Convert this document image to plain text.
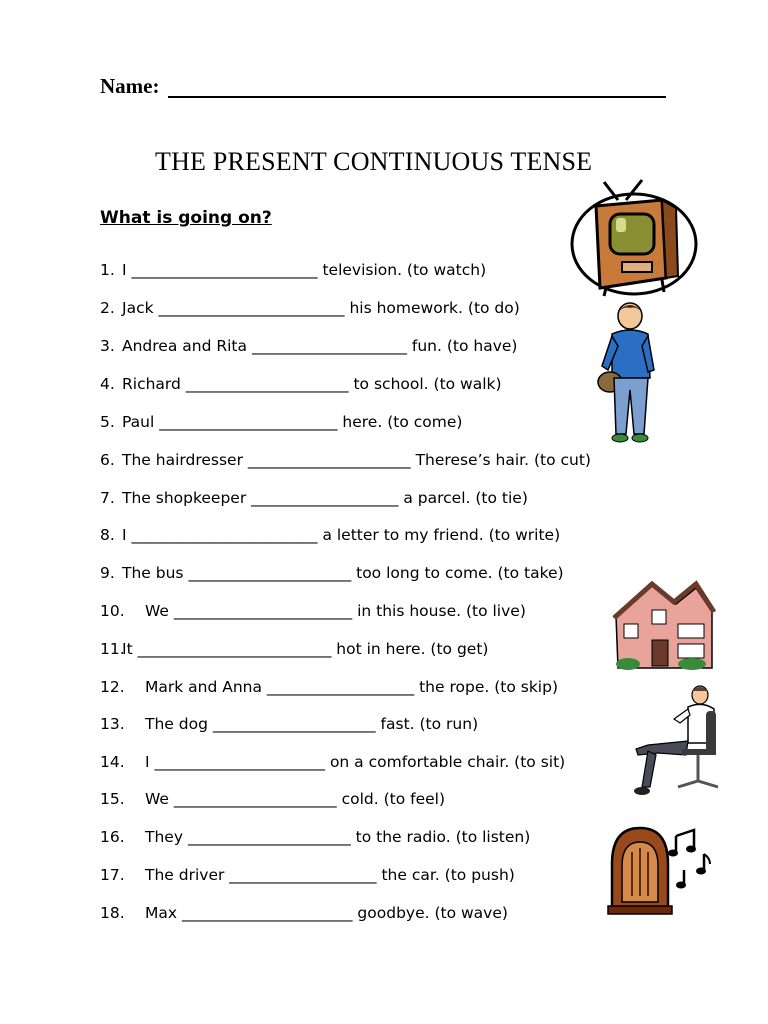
Name:
THE PRESENT CONTINUOUS TENSE
What is going on?
1. I ________________________ television. (to watch)
2. Jack ________________________ his homework. (to do)
3. Andrea and Rita ____________________ fun. (to have)
4. Richard _____________________ to school. (to walk)
5. Paul _______________________ here. (to come)
6. The hairdresser _____________________ Therese’s hair. (to cut)
7. The shopkeeper ___________________ a parcel. (to tie)
8. I ________________________ a letter to my friend. (to write)
9. The bus _____________________ too long to come. (to take)
10. We _______________________ in this house. (to live)
11.It _________________________ hot in here. (to get)
12. Mark and Anna ___________________ the rope. (to skip)
13. The dog _____________________ fast. (to run)
14. I ______________________ on a comfortable chair. (to sit)
15. We _____________________ cold. (to feel)
16. They _____________________ to the radio. (to listen)
17. The driver ___________________ the car. (to push)
18. Max ______________________ goodbye. (to wave)
